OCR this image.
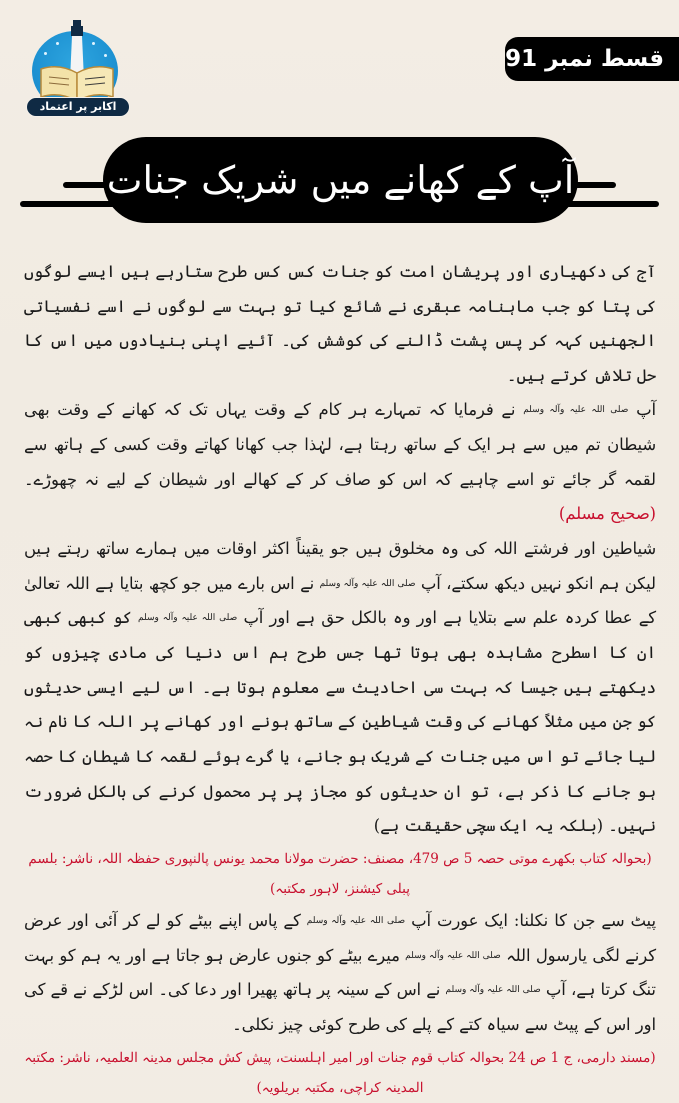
اکابر پر اعتماد
قسط نمبر 91
آپ کے کھانے میں شریک جنات

آج کی دکھیاری اور پریشان امت کو جنات کس کس طرح ستارہے ہیں ایسے لوگوں کی پتا کو جب ماہنامہ عبقری نے شائع کیا تو بہت سے لوگوں نے اسے نفسیاتی الجھنیں کہہ کر پس پشت ڈالنے کی کوشش کی۔ آئیے اپنی بنیادوں میں اس کا حل تلاش کرتے ہیں۔

آپ صلی اللہ علیہ وآلہ وسلم نے فرمایا کہ تمہارے ہر کام کے وقت یہاں تک کہ کھانے کے وقت بھی شیطان تم میں سے ہر ایک کے ساتھ رہتا ہے، لہٰذا جب کھانا کھاتے وقت کسی کے ہاتھ سے لقمہ گر جائے تو اسے چاہیے کہ اس کو صاف کر کے کھالے اور شیطان کے لیے نہ چھوڑے۔ (صحیح مسلم)

شیاطین اور فرشتے اللہ کی وہ مخلوق ہیں جو یقیناً اکثر اوقات میں ہمارے ساتھ رہتے ہیں لیکن ہم انکو نہیں دیکھ سکتے، آپ صلی اللہ علیہ وآلہ وسلم نے اس بارے میں جو کچھ بتایا ہے اللہ تعالیٰ کے عطا کردہ علم سے بتلایا ہے اور وہ بالکل حق ہے اور آپ صلی اللہ علیہ وآلہ وسلم کو کبھی کبھی ان کا اسطرح مشاہدہ بھی ہوتا تھا جس طرح ہم اس دنیا کی مادی چیزوں کو دیکھتے ہیں جیسا کہ بہت سی احادیث سے معلوم ہوتا ہے۔ اس لیے ایسی حدیثوں کو جن میں مثلاً کھانے کی وقت شیاطین کے ساتھ ہونے اور کھانے پر اللہ کا نام نہ لیا جائے تو اس میں جنات کے شریک ہو جانے، یا گرے ہوئے لقمہ کا شیطان کا حصہ ہو جانے کا ذکر ہے، تو ان حدیثوں کو مجاز پر پر محمول کرنے کی بالکل ضرورت نہیں۔ (بلکہ یہ ایک سچی حقیقت ہے)

(بحوالہ کتاب بکھرے موتی حصہ 5 ص 479، مصنف: حضرت مولانا محمد یونس پالنپوری حفظہ اللہ، ناشر: بلسم پبلی کیشنز، لاہور مکتبہ)

پیٹ سے جن کا نکلنا: ایک عورت آپ صلی اللہ علیہ وآلہ وسلم کے پاس اپنے بیٹے کو لے کر آئی اور عرض کرنے لگی یارسول اللہ صلی اللہ علیہ وآلہ وسلم میرے بیٹے کو جنوں عارض ہو جاتا ہے اور یہ ہم کو بہت تنگ کرتا ہے، آپ صلی اللہ علیہ وآلہ وسلم نے اس کے سینہ پر ہاتھ پھیرا اور دعا کی۔ اس لڑکے نے قے کی اور اس کے پیٹ سے سیاہ کتے کے پلے کی طرح کوئی چیز نکلی۔

(مسند دارمی، ج 1 ص 24 بحوالہ کتاب قوم جنات اور امیر اہلسنت، پیش کش مجلس مدینہ العلمیہ، ناشر: مکتبہ المدینہ کراچی، مکتبہ بریلویہ)
